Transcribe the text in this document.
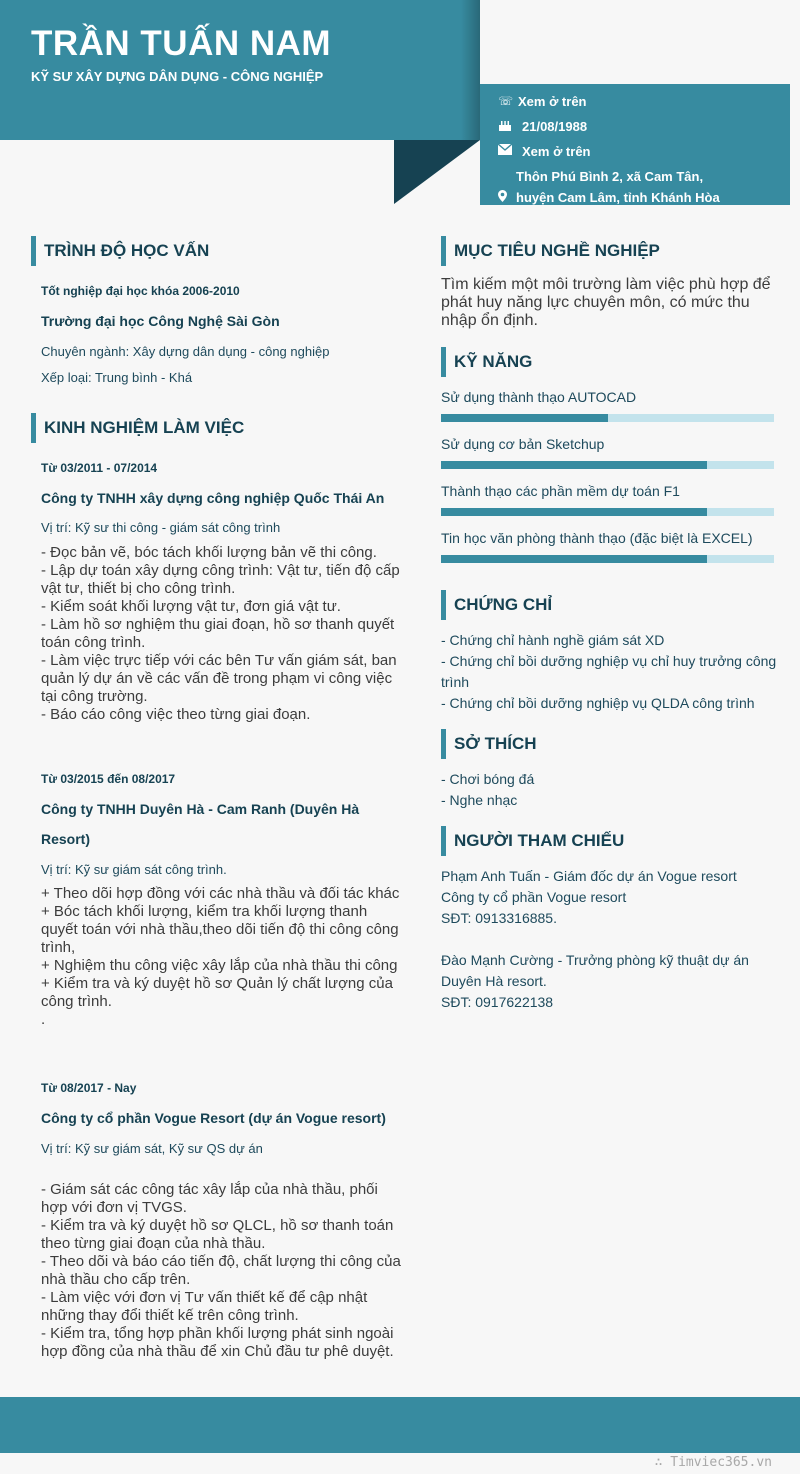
TRẦN TUẤN NAM
KỸ SƯ XÂY DỰNG DÂN DỤNG - CÔNG NGHIỆP
☏ Xem ở trên
21/08/1988
Xem ở trên
Thôn Phú Bình 2, xã Cam Tân,
huyện Cam Lâm, tỉnh Khánh Hòa
TRÌNH ĐỘ HỌC VẤN
Tốt nghiệp đại học khóa 2006-2010
Trường đại học Công Nghệ Sài Gòn
Chuyên ngành: Xây dựng dân dụng - công nghiệp
Xếp loại: Trung bình - Khá
KINH NGHIỆM LÀM VIỆC
Từ 03/2011 - 07/2014
Công ty TNHH xây dựng công nghiệp Quốc Thái An
Vị trí: Kỹ sư thi công - giám sát công trình
- Đọc bản vẽ, bóc tách khối lượng bản vẽ thi công.
- Lập dự toán xây dựng công trình: Vật tư, tiến độ cấp vật tư, thiết bị cho công trình.
- Kiểm soát khối lượng vật tư, đơn giá vật tư.
- Làm hồ sơ nghiệm thu giai đoạn, hồ sơ thanh quyết toán công trình.
- Làm việc trực tiếp với các bên Tư vấn giám sát, ban quản lý dự án về các vấn đề trong phạm vi công việc tại công trường.
- Báo cáo công việc theo từng giai đoạn.
Từ 03/2015 đến 08/2017
Công ty TNHH Duyên Hà - Cam Ranh (Duyên Hà
Resort)
Vị trí: Kỹ sư giám sát công trình.
+ Theo dõi hợp đồng với các nhà thầu và đối tác khác
+ Bóc tách khối lượng, kiểm tra khối lượng thanh quyết toán với nhà thầu,theo dõi tiến độ thi công công trình,
+ Nghiệm thu công việc xây lắp của nhà thầu thi công
+ Kiểm tra và ký duyệt hồ sơ Quản lý chất lượng của công trình.
.
Từ 08/2017 - Nay
Công ty cổ phần Vogue Resort (dự án Vogue resort)
Vị trí: Kỹ sư giám sát, Kỹ sư QS dự án
- Giám sát các công tác xây lắp của nhà thầu, phối hợp với đơn vị TVGS.
- Kiểm tra và ký duyệt hồ sơ QLCL, hồ sơ thanh toán theo từng giai đoạn của nhà thầu.
- Theo dõi và báo cáo tiến độ, chất lượng thi công của nhà thầu cho cấp trên.
- Làm việc với đơn vị Tư vấn thiết kế để cập nhật những thay đổi thiết kế trên công trình.
- Kiểm tra, tổng hợp phần khối lượng phát sinh ngoài hợp đồng của nhà thầu để xin Chủ đầu tư phê duyệt.
MỤC TIÊU NGHỀ NGHIỆP
Tìm kiếm một môi trường làm việc phù hợp để phát huy năng lực chuyên môn, có mức thu nhập ổn định.
KỸ NĂNG
Sử dụng thành thạo AUTOCAD
Sử dụng cơ bản Sketchup
Thành thạo các phần mềm dự toán F1
Tin học văn phòng thành thạo (đặc biệt là EXCEL)
CHỨNG CHỈ
- Chứng chỉ hành nghề giám sát XD
- Chứng chỉ bồi dưỡng nghiệp vụ chỉ huy trưởng công
trình
- Chứng chỉ bồi dưỡng nghiệp vụ QLDA công trình
SỞ THÍCH
- Chơi bóng đá
- Nghe nhạc
NGƯỜI THAM CHIẾU
Phạm Anh Tuấn - Giám đốc dự án Vogue resort
Công ty cổ phần Vogue resort
SĐT: 0913316885.
Đào Mạnh Cường - Trưởng phòng kỹ thuật dự án
Duyên Hà resort.
SĐT: 0917622138
∴ Timviec365.vn
